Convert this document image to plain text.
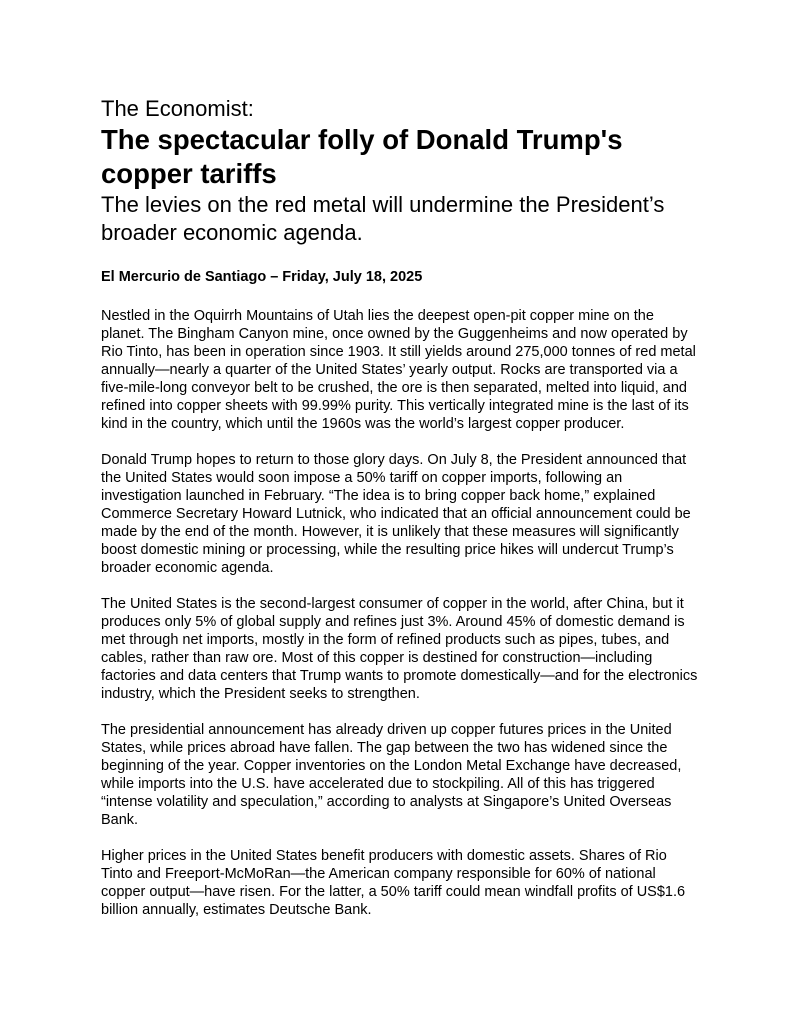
The Economist:

The spectacular folly of Donald Trump's copper tariffs

The levies on the red metal will undermine the President’s broader economic agenda.

El Mercurio de Santiago – Friday, July 18, 2025

Nestled in the Oquirrh Mountains of Utah lies the deepest open-pit copper mine on the planet. The Bingham Canyon mine, once owned by the Guggenheims and now operated by Rio Tinto, has been in operation since 1903. It still yields around 275,000 tonnes of red metal annually—nearly a quarter of the United States’ yearly output. Rocks are transported via a five-mile-long conveyor belt to be crushed, the ore is then separated, melted into liquid, and refined into copper sheets with 99.99% purity. This vertically integrated mine is the last of its kind in the country, which until the 1960s was the world’s largest copper producer.

Donald Trump hopes to return to those glory days. On July 8, the President announced that the United States would soon impose a 50% tariff on copper imports, following an investigation launched in February. “The idea is to bring copper back home,” explained Commerce Secretary Howard Lutnick, who indicated that an official announcement could be made by the end of the month. However, it is unlikely that these measures will significantly boost domestic mining or processing, while the resulting price hikes will undercut Trump’s broader economic agenda.

The United States is the second-largest consumer of copper in the world, after China, but it produces only 5% of global supply and refines just 3%. Around 45% of domestic demand is met through net imports, mostly in the form of refined products such as pipes, tubes, and cables, rather than raw ore. Most of this copper is destined for construction—including factories and data centers that Trump wants to promote domestically—and for the electronics industry, which the President seeks to strengthen.

The presidential announcement has already driven up copper futures prices in the United States, while prices abroad have fallen. The gap between the two has widened since the beginning of the year. Copper inventories on the London Metal Exchange have decreased, while imports into the U.S. have accelerated due to stockpiling. All of this has triggered “intense volatility and speculation,” according to analysts at Singapore’s United Overseas Bank.

Higher prices in the United States benefit producers with domestic assets. Shares of Rio Tinto and Freeport-McMoRan—the American company responsible for 60% of national copper output—have risen. For the latter, a 50% tariff could mean windfall profits of US$1.6 billion annually, estimates Deutsche Bank.
